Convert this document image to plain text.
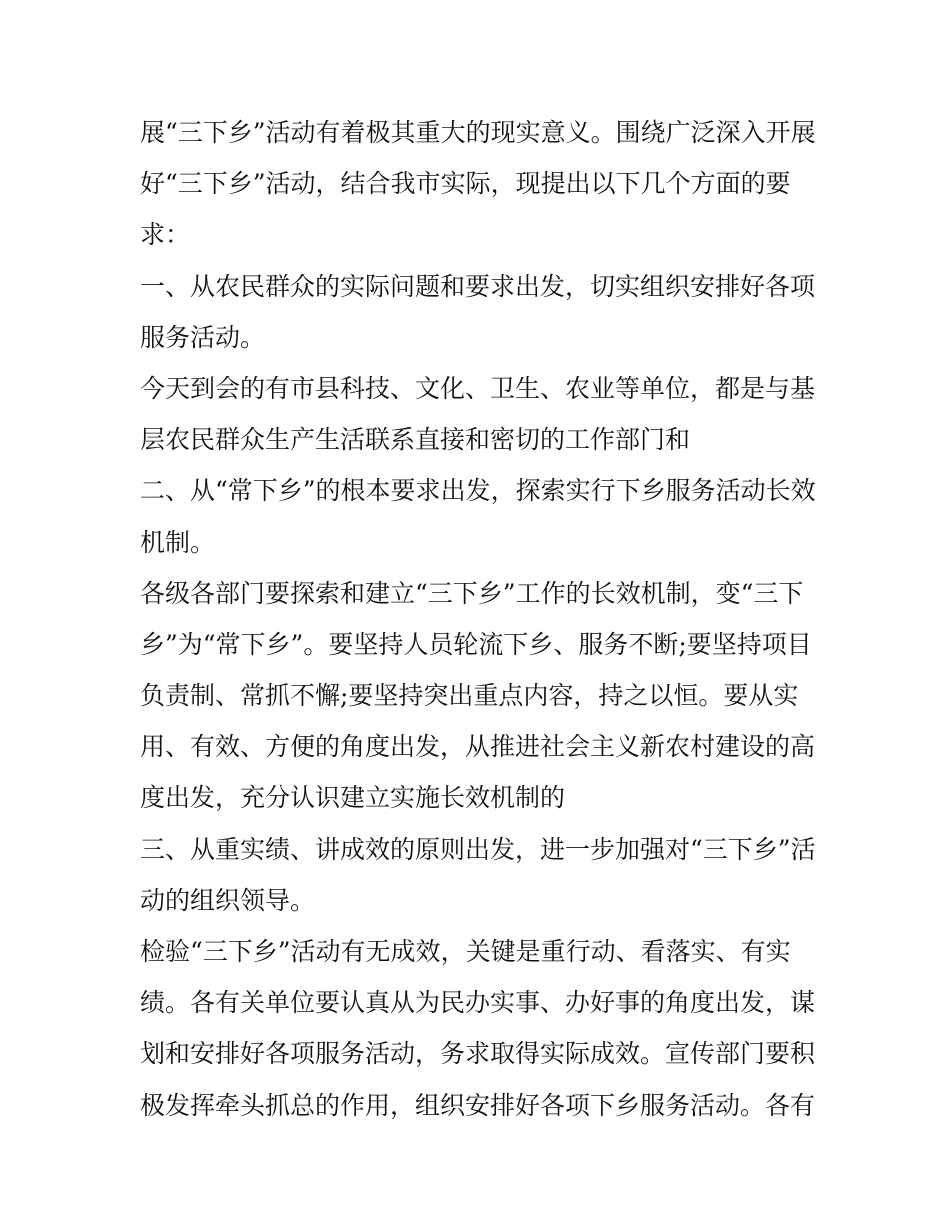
展“三下乡”活动有着极其重大的现实意义。围绕广泛深入开展
好“三下乡”活动，结合我市实际，现提出以下几个方面的要
求：
一、从农民群众的实际问题和要求出发，切实组织安排好各项
服务活动。
今天到会的有市县科技、文化、卫生、农业等单位，都是与基
层农民群众生产生活联系直接和密切的工作部门和
二、从“常下乡”的根本要求出发，探索实行下乡服务活动长效
机制。
各级各部门要探索和建立“三下乡”工作的长效机制，变“三下
乡”为“常下乡”。要坚持人员轮流下乡、服务不断;要坚持项目
负责制、常抓不懈;要坚持突出重点内容，持之以恒。要从实
用、有效、方便的角度出发，从推进社会主义新农村建设的高
度出发，充分认识建立实施长效机制的
三、从重实绩、讲成效的原则出发，进一步加强对“三下乡”活
动的组织领导。
检验“三下乡”活动有无成效，关键是重行动、看落实、有实
绩。各有关单位要认真从为民办实事、办好事的角度出发，谋
划和安排好各项服务活动，务求取得实际成效。宣传部门要积
极发挥牵头抓总的作用，组织安排好各项下乡服务活动。各有
